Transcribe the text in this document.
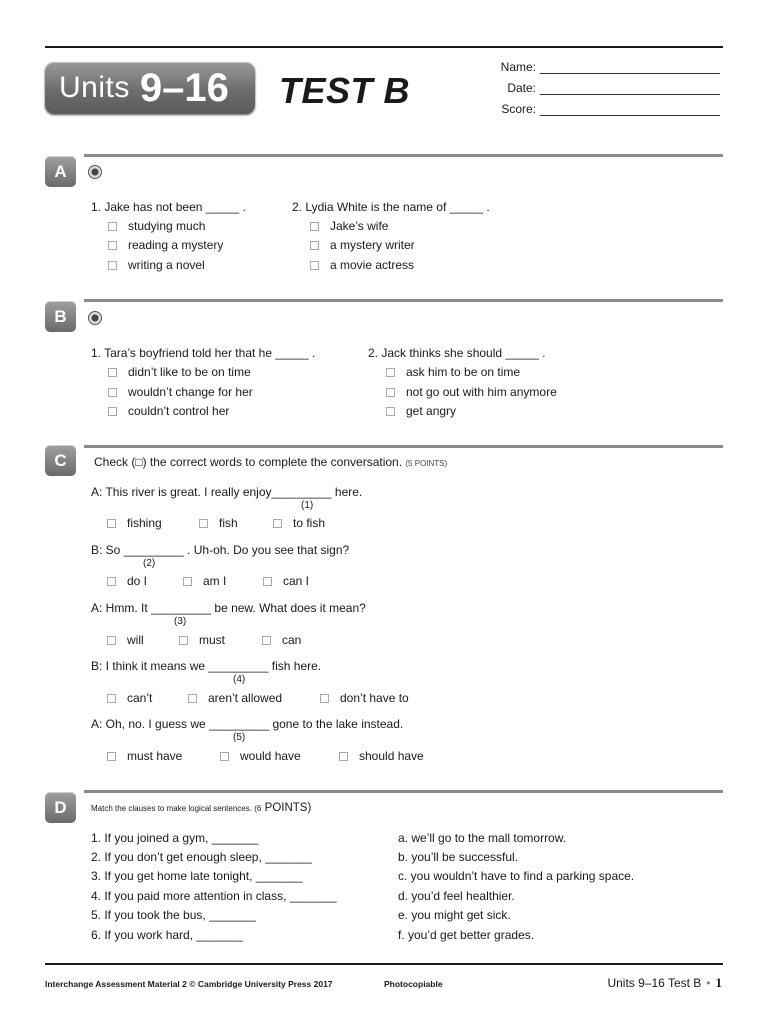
Units 9–16 TEST B
Name:
Date:
Score:
A
1. Jake has not been _____ .
studying much
reading a mystery
writing a novel
2. Lydia White is the name of _____ .
Jake’s wife
a mystery writer
a movie actress
B
1. Tara’s boyfriend told her that he _____ .
didn’t like to be on time
wouldn’t change for her
couldn’t control her
2. Jack thinks she should _____ .
ask him to be on time
not go out with him anymore
get angry
C	Check (□) the correct words to complete the conversation. (5 POINTS)
A: This river is great. I really enjoy_________ here.
(1)
fishing	fish	to fish
B: So _________ . Uh-oh. Do you see that sign?
(2)
do I	am I	can I
A: Hmm. It _________ be new. What does it mean?
(3)
will	must	can
B: I think it means we _________ fish here.
(4)
can’t	aren’t allowed	don’t have to
A: Oh, no. I guess we _________ gone to the lake instead.
(5)
must have	would have	should have
D	Match the clauses to make logical sentences. (6 POINTS)
1. If you joined a gym, _______
2. If you don’t get enough sleep, _______
3. If you get home late tonight, _______
4. If you paid more attention in class, _______
5. If you took the bus, _______
6. If you work hard, _______
a. we’ll go to the mall tomorrow.
b. you’ll be successful.
c. you wouldn’t have to find a parking space.
d. you’d feel healthier.
e. you might get sick.
f. you’d get better grades.
Interchange Assessment Material 2 © Cambridge University Press 2017	Photocopiable	Units 9–16 Test B • 1
